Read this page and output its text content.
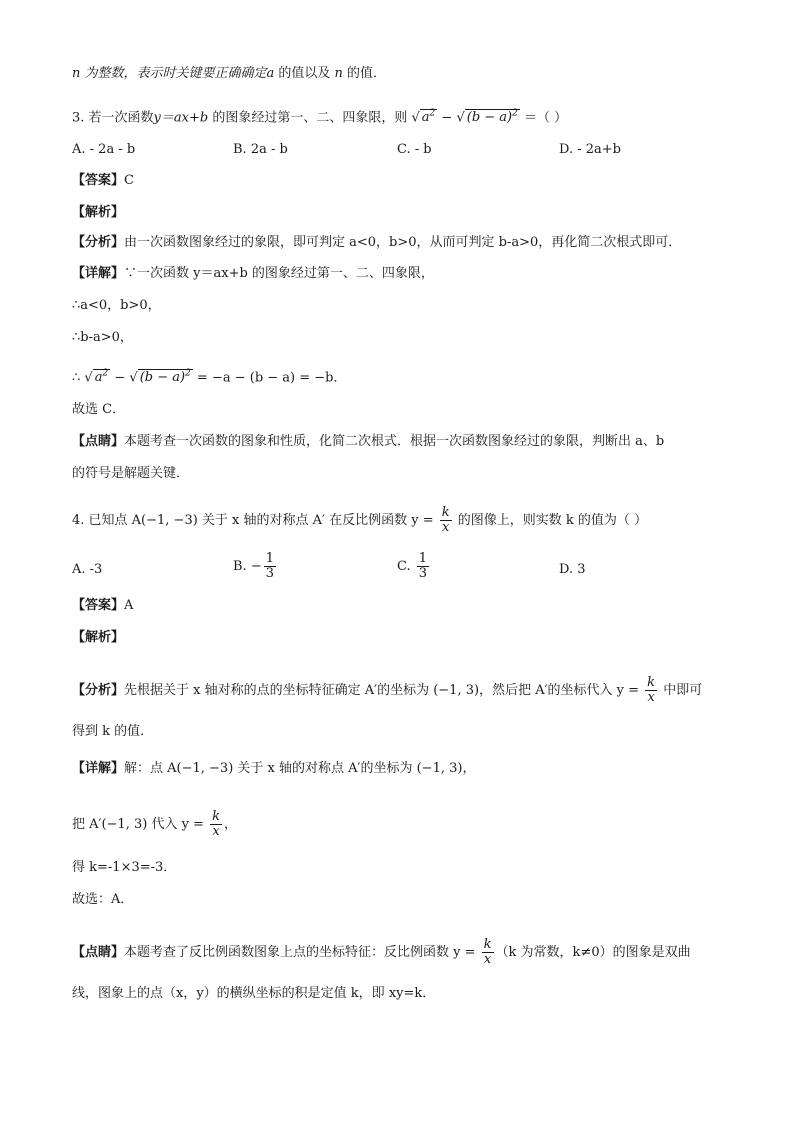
n 为整数，表示时关键要正确确定a 的值以及 n 的值．
3. 若一次函数y＝ax+b 的图象经过第一、二、四象限，则 √ $a^2$ − √ $(b - a)^2$ ＝（ ）
A. - 2a - b	B. 2a - b	C. - b	D. - 2a+b
【答案】C
【解析】
【分析】由一次函数图象经过的象限，即可判定 a<0，b>0，从而可判定 b-a>0，再化简二次根式即可．
【详解】∵一次函数 y＝ax+b 的图象经过第一、二、四象限，
∴a<0，b>0，
∴b-a>0，
∴ √ $a^2$ − √ $(b - a)^2 = -a - (b - a) = -b$．
故选 C．
【点睛】本题考查一次函数的图象和性质，化简二次根式．根据一次函数图象经过的象限，判断出 a、b
的符号是解题关键．
4. 已知点 A(−1, −3) 关于 x 轴的对称点 A′ 在反比例函数 $y = \frac{k}{x}$ 的图像上，则实数 k 的值为（ ）
A. -3	B. − $\frac{1}{3}$	C. $\frac{1}{3}$	D. 3
【答案】A
【解析】
【分析】先根据关于 x 轴对称的点的坐标特征确定 A′的坐标为 (−1, 3)，然后把 A′的坐标代入 $y = \frac{k}{x}$ 中即可
得到 k 的值．
【详解】解：点 A(−1, −3) 关于 x 轴的对称点 A′的坐标为 (−1, 3)，
把 A′(−1, 3) 代入 $y = \frac{k}{x}$ ，
得 k=-1×3=-3．
故选：A．
【点睛】本题考查了反比例函数图象上点的坐标特征：反比例函数 $y = \frac{k}{x} (k$ 为常数，k≠0）的图象是双曲
线，图象上的点（x，y）的横纵坐标的积是定值 k，即 xy=k．
